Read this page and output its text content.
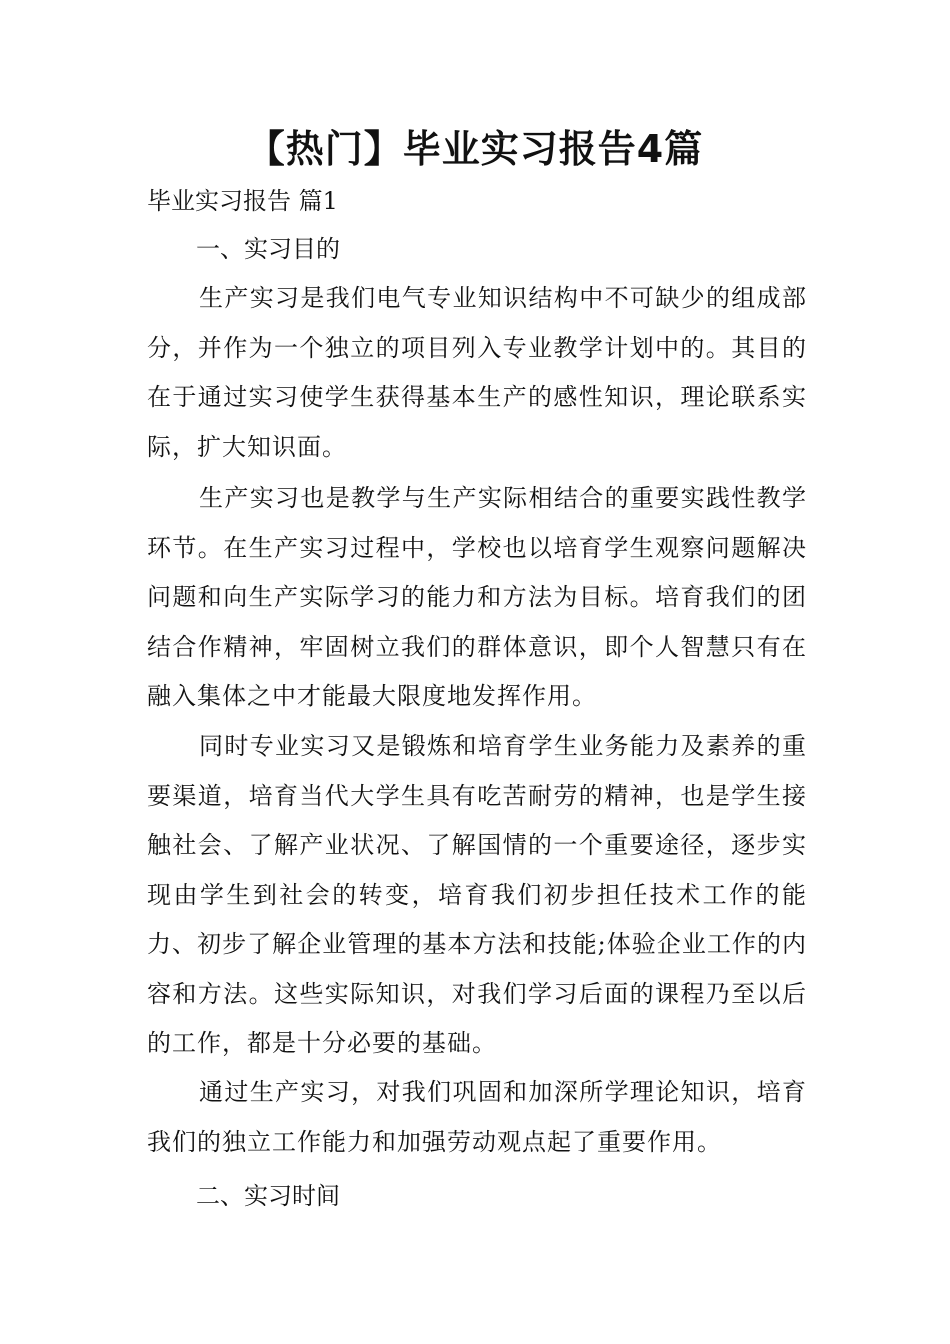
【热门】毕业实习报告4篇
毕业实习报告 篇1
一、实习目的

生产实习是我们电气专业知识结构中不可缺少的组成部分，并作为一个独立的项目列入专业教学计划中的。其目的在于通过实习使学生获得基本生产的感性知识，理论联系实际，扩大知识面。

生产实习也是教学与生产实际相结合的重要实践性教学环节。在生产实习过程中，学校也以培育学生观察问题解决问题和向生产实际学习的能力和方法为目标。培育我们的团结合作精神，牢固树立我们的群体意识，即个人智慧只有在融入集体之中才能最大限度地发挥作用。

同时专业实习又是锻炼和培育学生业务能力及素养的重要渠道，培育当代大学生具有吃苦耐劳的精神，也是学生接触社会、了解产业状况、了解国情的一个重要途径，逐步实现由学生到社会的转变，培育我们初步担任技术工作的能力、初步了解企业管理的基本方法和技能;体验企业工作的内容和方法。这些实际知识，对我们学习后面的课程乃至以后的工作，都是十分必要的基础。

通过生产实习，对我们巩固和加深所学理论知识，培育我们的独立工作能力和加强劳动观点起了重要作用。

二、实习时间
